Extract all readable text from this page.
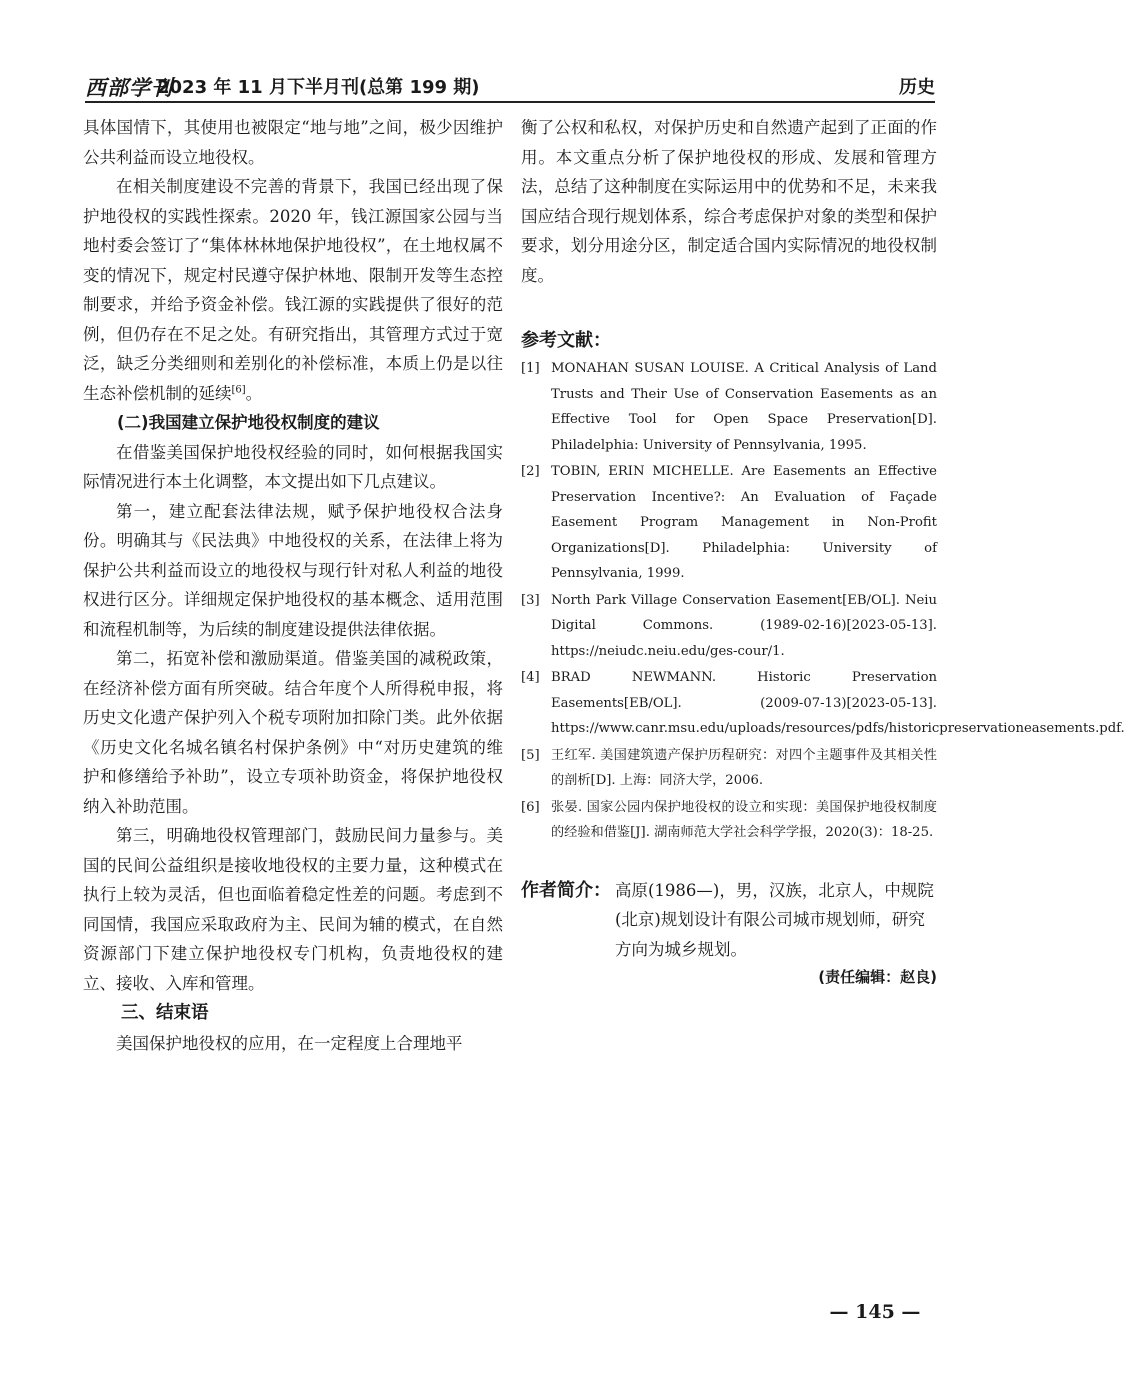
西部学刊
2023 年 11 月下半月刊(总第 199 期)	历史

具体国情下，其使用也被限定“地与地”之间，极少因维护公共利益而设立地役权。

在相关制度建设不完善的背景下，我国已经出现了保护地役权的实践性探索。2020 年，钱江源国家公园与当地村委会签订了“集体林林地保护地役权”，在土地权属不变的情况下，规定村民遵守保护林地、限制开发等生态控制要求，并给予资金补偿。钱江源的实践提供了很好的范例，但仍存在不足之处。有研究指出，其管理方式过于宽泛，缺乏分类细则和差别化的补偿标准，本质上仍是以往生态补偿机制的延续[6]。

(二)我国建立保护地役权制度的建议

在借鉴美国保护地役权经验的同时，如何根据我国实际情况进行本土化调整，本文提出如下几点建议。

第一，建立配套法律法规，赋予保护地役权合法身份。明确其与《民法典》中地役权的关系，在法律上将为保护公共利益而设立的地役权与现行针对私人利益的地役权进行区分。详细规定保护地役权的基本概念、适用范围和流程机制等，为后续的制度建设提供法律依据。

第二，拓宽补偿和激励渠道。借鉴美国的减税政策，在经济补偿方面有所突破。结合年度个人所得税申报，将历史文化遗产保护列入个税专项附加扣除门类。此外依据《历史文化名城名镇名村保护条例》中“对历史建筑的维护和修缮给予补助”，设立专项补助资金，将保护地役权纳入补助范围。

第三，明确地役权管理部门，鼓励民间力量参与。美国的民间公益组织是接收地役权的主要力量，这种模式在执行上较为灵活，但也面临着稳定性差的问题。考虑到不同国情，我国应采取政府为主、民间为辅的模式，在自然资源部门下建立保护地役权专门机构，负责地役权的建立、接收、入库和管理。

三、结束语

美国保护地役权的应用，在一定程度上合理地平

衡了公权和私权，对保护历史和自然遗产起到了正面的作用。本文重点分析了保护地役权的形成、发展和管理方法，总结了这种制度在实际运用中的优势和不足，未来我国应结合现行规划体系，综合考虑保护对象的类型和保护要求，划分用途分区，制定适合国内实际情况的地役权制度。

参考文献：
[1] MONAHAN SUSAN LOUISE. A Critical Analysis of Land Trusts and Their Use of Conservation Easements as an Effective Tool for Open Space Preservation[D]. Philadelphia: University of Pennsylvania, 1995.
[2] TOBIN, ERIN MICHELLE. Are Easements an Effective Preservation Incentive?: An Evaluation of Façade Easement Program Management in Non-Profit Organizations[D]. Philadelphia: University of Pennsylvania, 1999.
[3] North Park Village Conservation Easement[EB/OL]. Neiu Digital Commons. (1989-02-16)[2023-05-13]. https://neiudc.neiu.edu/ges-cour/1.
[4] BRAD NEWMANN. Historic Preservation Easements[EB/OL]. (2009-07-13)[2023-05-13]. https://www.canr.msu.edu/uploads/resources/pdfs/historicpreservationeasements.pdf.
[5] 王红军. 美国建筑遗产保护历程研究：对四个主题事件及其相关性的剖析[D]. 上海：同济大学，2006.
[6] 张晏. 国家公园内保护地役权的设立和实现：美国保护地役权制度的经验和借鉴[J]. 湖南师范大学社会科学学报，2020(3)：18-25.
作者简介： 高原(1986—)，男，汉族，北京人，中规院(北京)规划设计有限公司城市规划师，研究方向为城乡规划。
(责任编辑：赵良)
— 145 —
